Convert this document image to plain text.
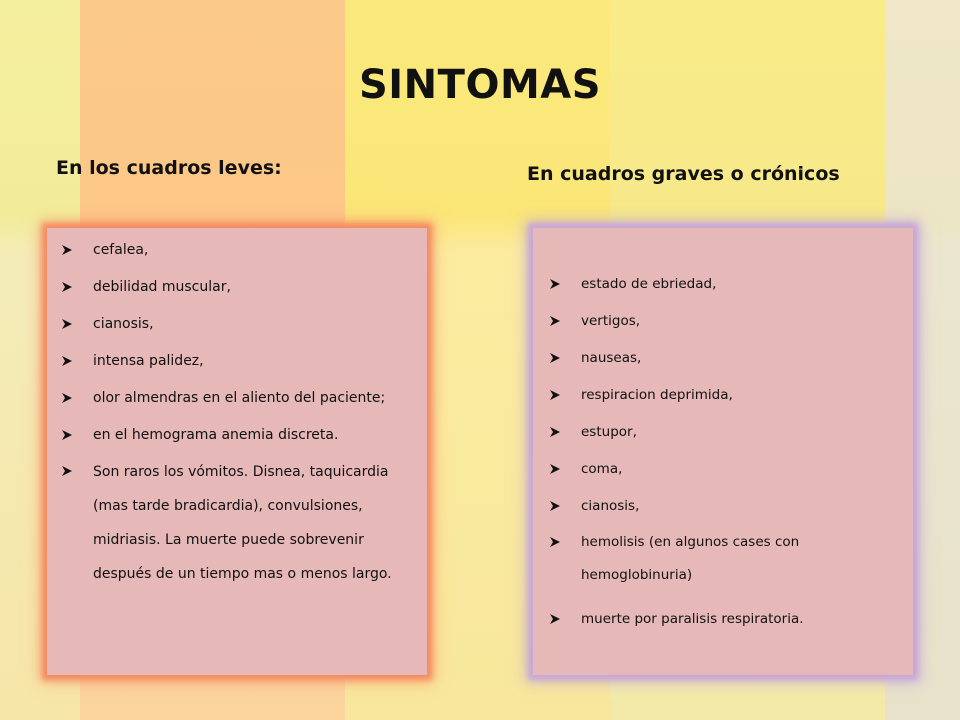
SINTOMAS
En los cuadros leves:	En cuadros graves o crónicos
cefalea,
debilidad muscular,
cianosis,
intensa palidez,
olor almendras en el aliento del paciente;
en el hemograma anemia discreta.
Son raros los vómitos. Disnea, taquicardia (mas tarde bradicardia), convulsiones, midriasis. La muerte puede sobrevenir después de un tiempo mas o menos largo.
estado de ebriedad,
vertigos,
nauseas,
respiracion deprimida,
estupor,
coma,
cianosis,
hemolisis (en algunos cases con hemoglobinuria)
muerte por paralisis respiratoria.
